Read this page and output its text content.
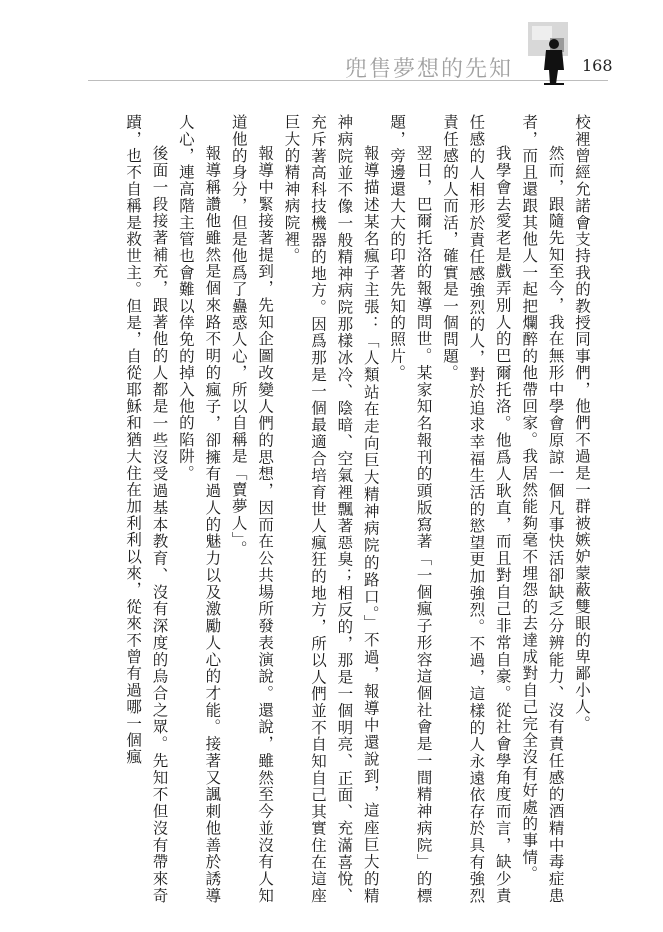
兜售夢想的先知	168

校裡曾經允諾會支持我的教授同事們，他們不過是一群被嫉妒蒙蔽雙眼的卑鄙小人。

然而，跟隨先知至今，我在無形中學會原諒一個凡事快活卻缺乏分辨能力、沒有責任感的酒精中毒症患者，而且還跟其他人一起把爛醉的他帶回家。我居然能夠毫不埋怨的去達成對自己完全沒有好處的事情。

我學會去愛老是戲弄別人的巴爾托洛。他爲人耿直，而且對自己非常自豪。從社會學角度而言，缺少責任感的人相形於責任感強烈的人，對於追求幸福生活的慾望更加強烈。不過，這樣的人永遠依存於具有強烈責任感的人而活，確實是一個問題。

翌日，巴爾托洛的報導問世。某家知名報刊的頭版寫著「一個瘋子形容這個社會是一間精神病院」的標題，旁邊還大大的印著先知的照片。

報導描述某名瘋子主張：「人類站在走向巨大精神病院的路口。」不過，報導中還說到，這座巨大的精神病院並不像一般精神病院那樣冰冷、陰暗、空氣裡飄著惡臭；相反的，那是一個明亮、正面、充滿喜悅、充斥著高科技機器的地方。因爲那是一個最適合培育世人瘋狂的地方，所以人們並不自知自己其實住在這座巨大的精神病院裡。

報導中緊接著提到，先知企圖改變人們的思想，因而在公共場所發表演說。還說，雖然至今並沒有人知道他的身分，但是他爲了蠱惑人心，所以自稱是「賣夢人」。

報導稱讚他雖然是個來路不明的瘋子，卻擁有過人的魅力以及激勵人心的才能。接著又諷刺他善於誘導人心，連高階主管也會難以倖免的掉入他的陷阱。

後面一段接著補充，跟著他的人都是一些沒受過基本教育、沒有深度的烏合之眾。先知不但沒有帶來奇蹟，也不自稱是救世主。但是，自從耶穌和猶大住在加利利以來，從來不曾有過哪一個瘋
